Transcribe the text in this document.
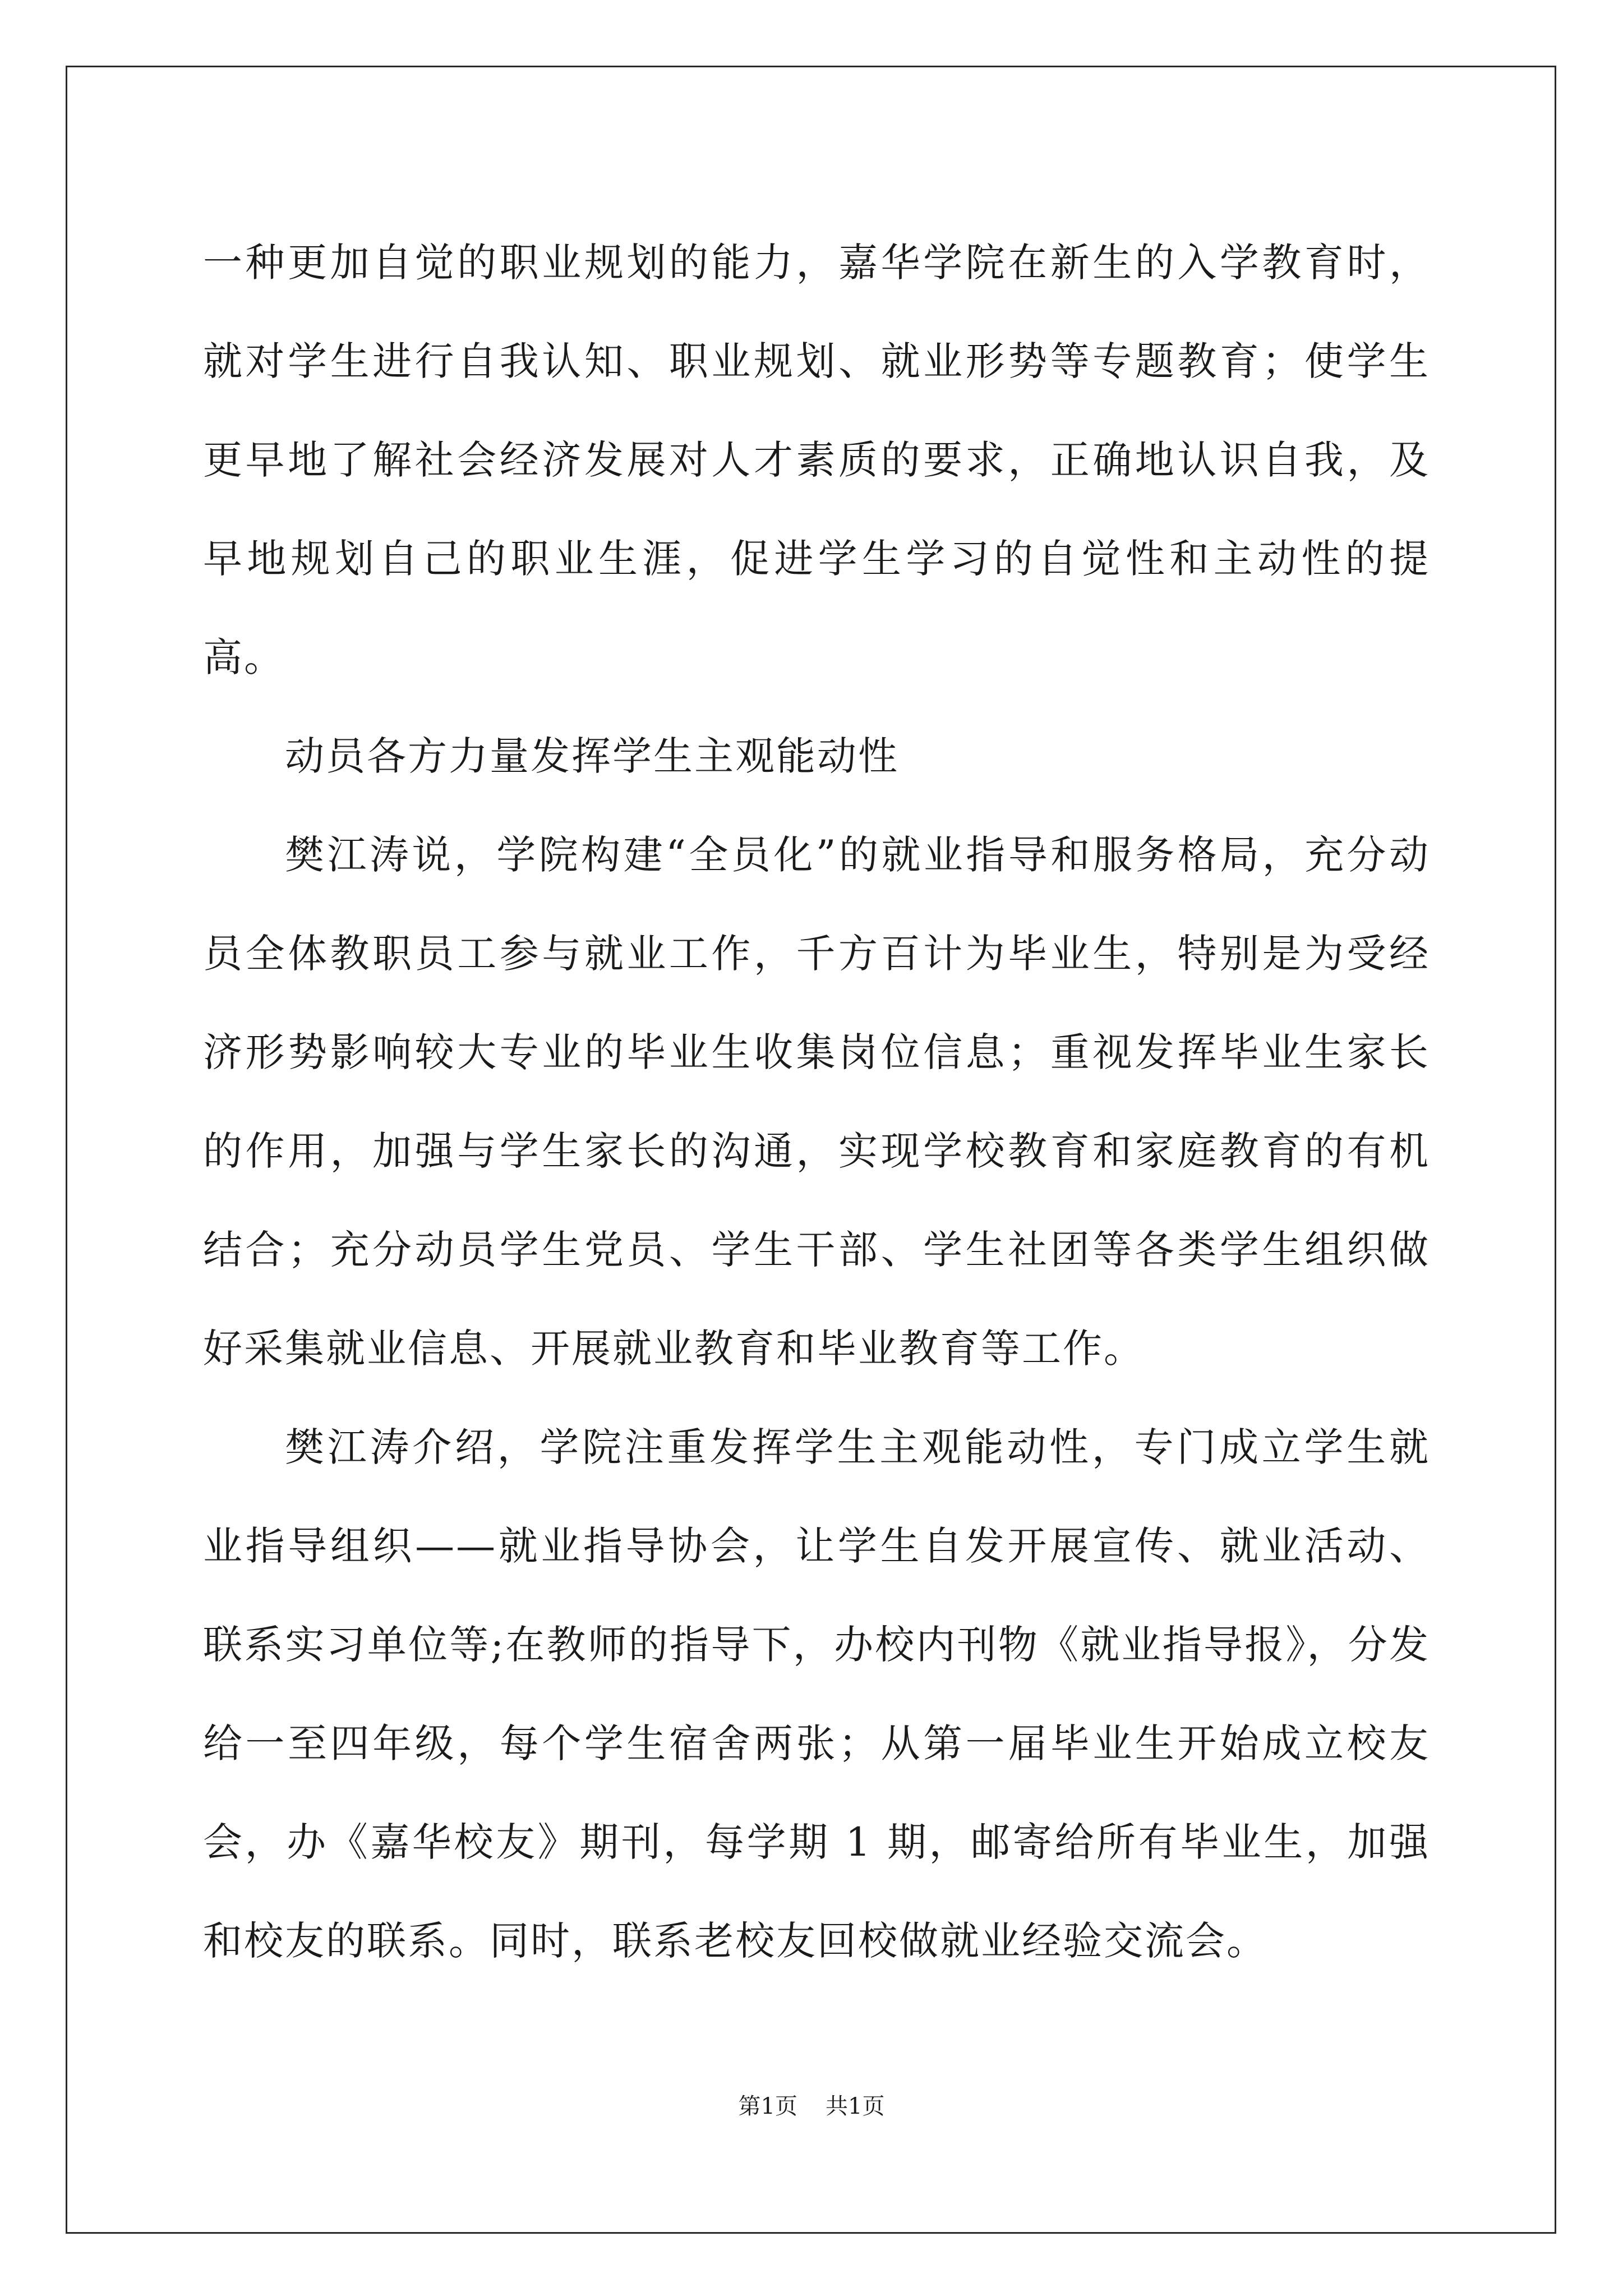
一种更加自觉的职业规划的能力，嘉华学院在新生的入学教育时，就对学生进行自我认知、职业规划、就业形势等专题教育；使学生更早地了解社会经济发展对人才素质的要求，正确地认识自我，及早地规划自己的职业生涯，促进学生学习的自觉性和主动性的提高。

动员各方力量发挥学生主观能动性

樊江涛说，学院构建“全员化”的就业指导和服务格局，充分动员全体教职员工参与就业工作，千方百计为毕业生，特别是为受经济形势影响较大专业的毕业生收集岗位信息；重视发挥毕业生家长的作用，加强与学生家长的沟通，实现学校教育和家庭教育的有机结合；充分动员学生党员、学生干部、学生社团等各类学生组织做好采集就业信息、开展就业教育和毕业教育等工作。

樊江涛介绍，学院注重发挥学生主观能动性，专门成立学生就业指导组织——就业指导协会，让学生自发开展宣传、就业活动、联系实习单位等;在教师的指导下，办校内刊物《就业指导报》，分发给一至四年级，每个学生宿舍两张；从第一届毕业生开始成立校友会，办《嘉华校友》期刊，每学期 1 期，邮寄给所有毕业生，加强和校友的联系。同时，联系老校友回校做就业经验交流会。

第1页 共1页
